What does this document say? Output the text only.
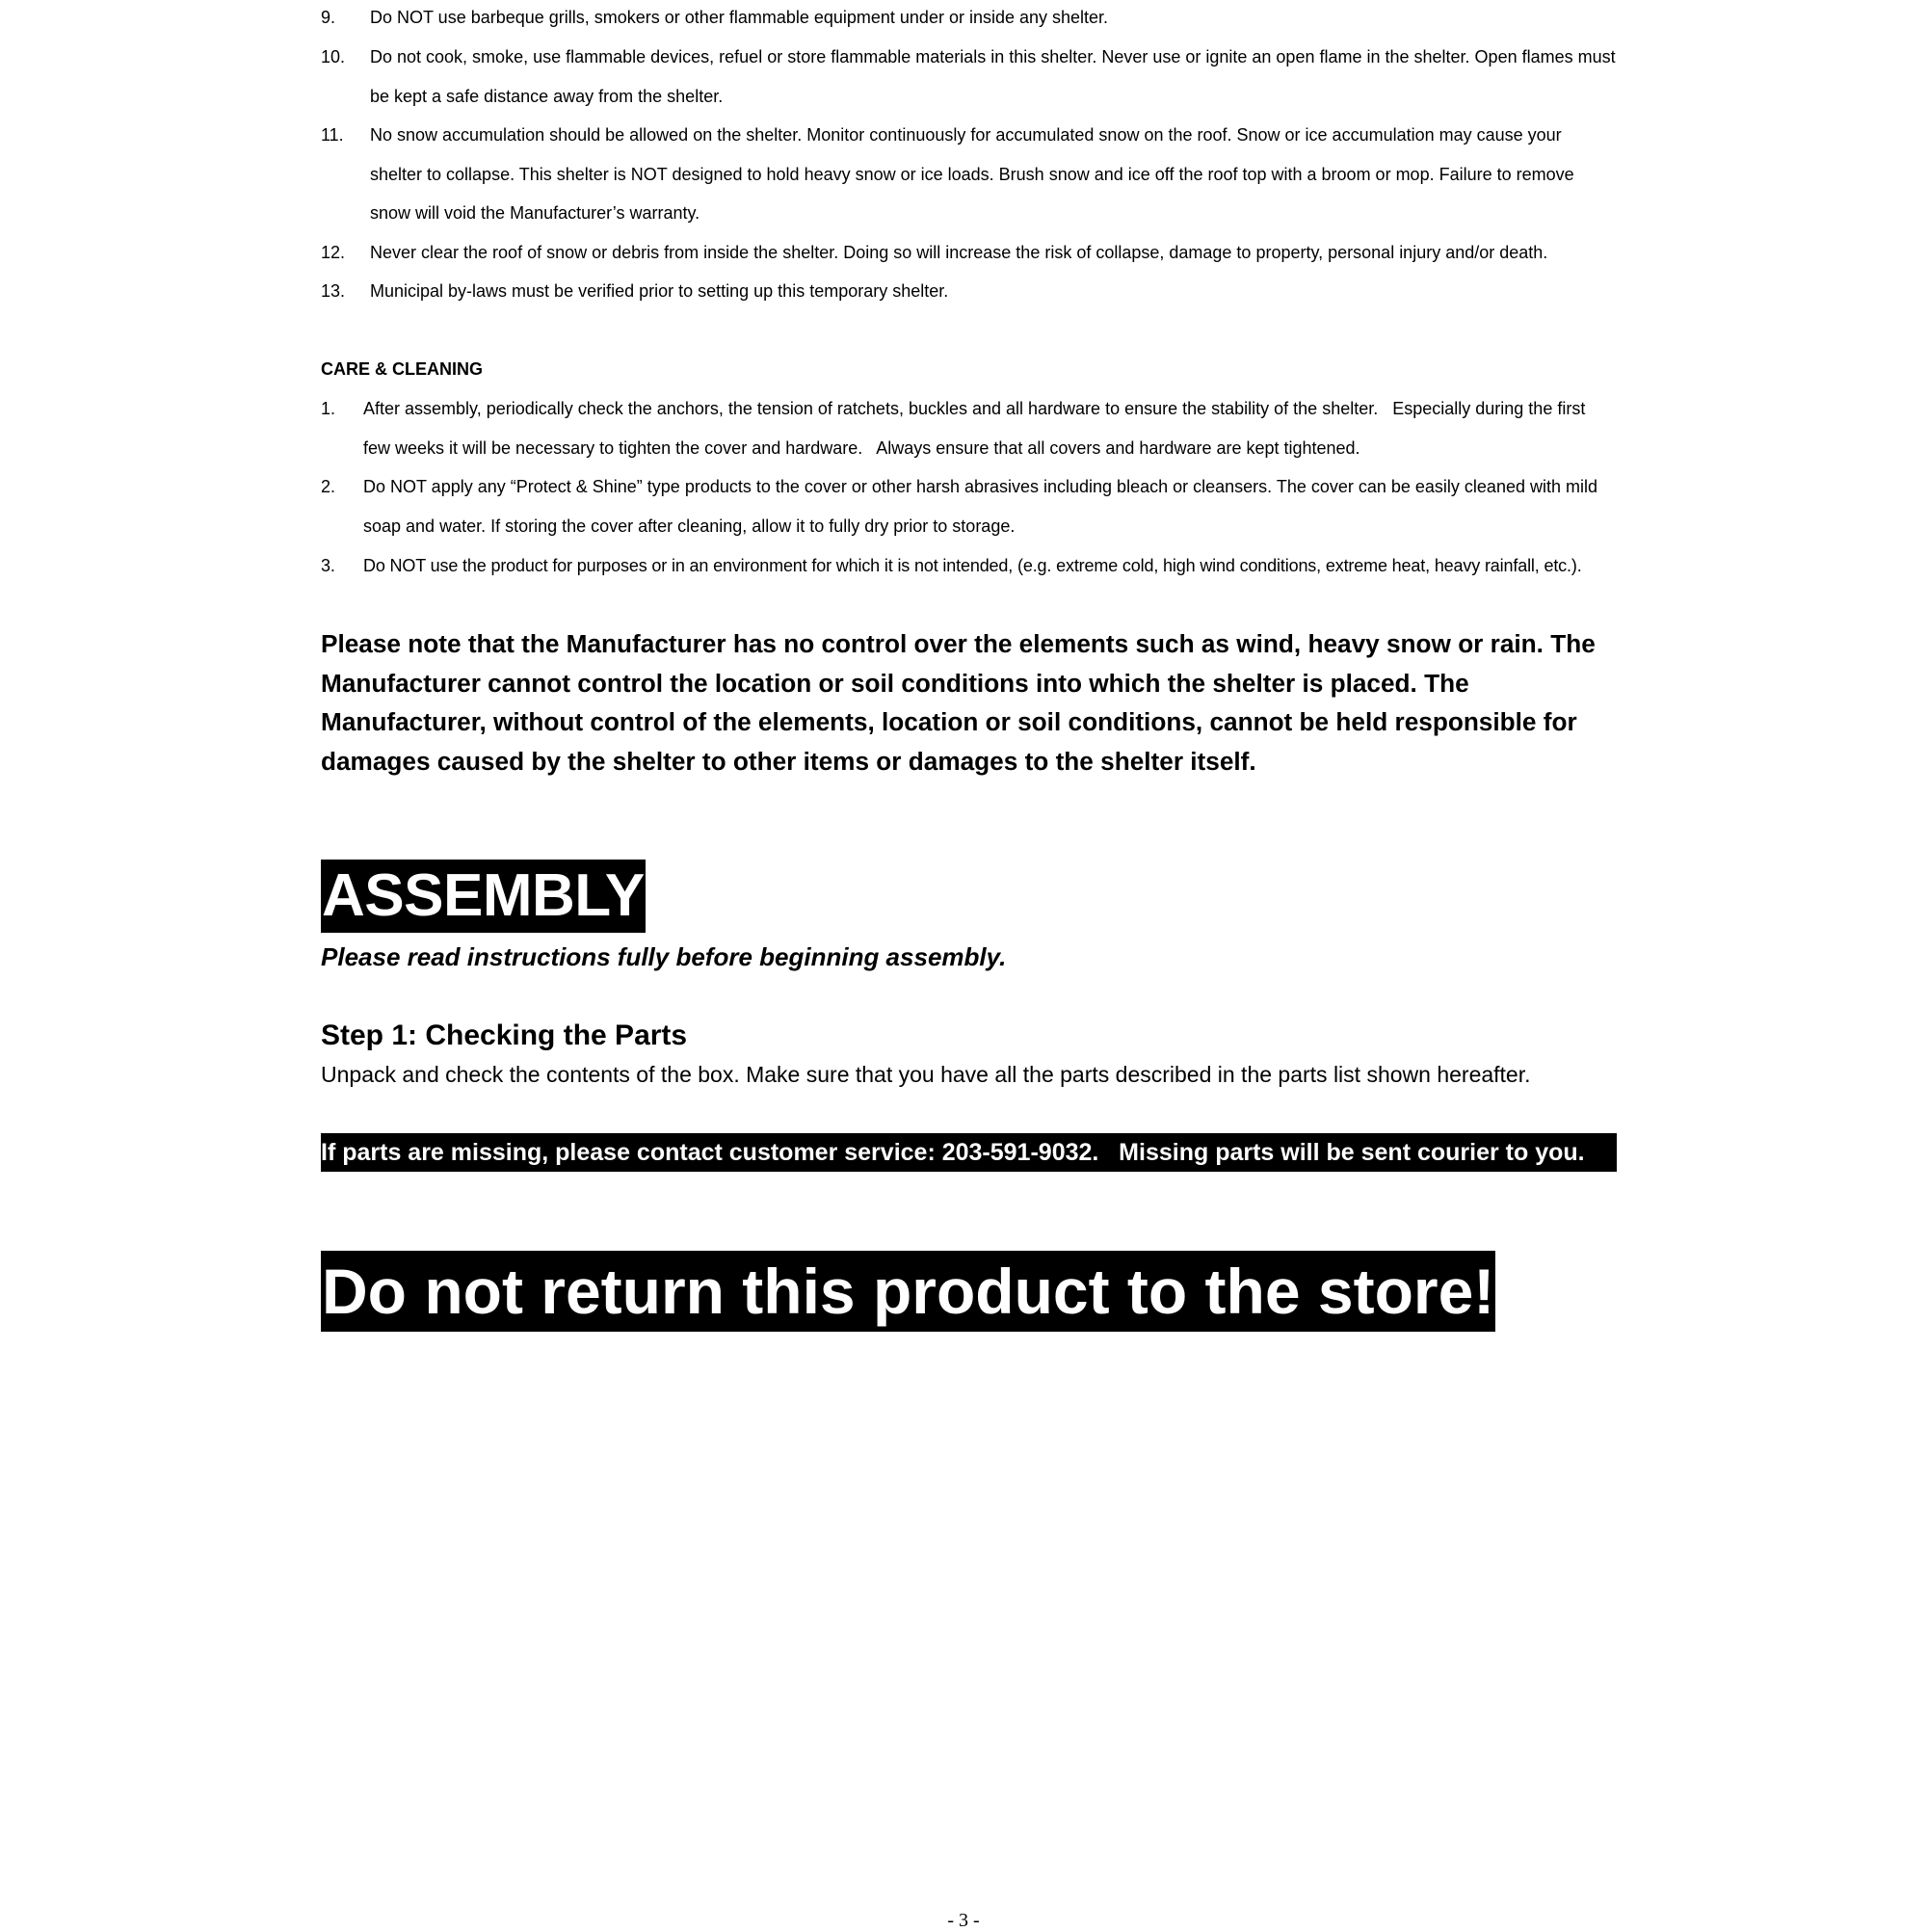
9. Do NOT use barbeque grills, smokers or other flammable equipment under or inside any shelter.
10. Do not cook, smoke, use flammable devices, refuel or store flammable materials in this shelter. Never use or ignite an open flame in the shelter. Open flames must be kept a safe distance away from the shelter.
11. No snow accumulation should be allowed on the shelter. Monitor continuously for accumulated snow on the roof. Snow or ice accumulation may cause your shelter to collapse. This shelter is NOT designed to hold heavy snow or ice loads. Brush snow and ice off the roof top with a broom or mop. Failure to remove snow will void the Manufacturer’s warranty.
12. Never clear the roof of snow or debris from inside the shelter. Doing so will increase the risk of collapse, damage to property, personal injury and/or death.
13. Municipal by-laws must be verified prior to setting up this temporary shelter.
CARE & CLEANING
1. After assembly, periodically check the anchors, the tension of ratchets, buckles and all hardware to ensure the stability of the shelter.   Especially during the first few weeks it will be necessary to tighten the cover and hardware.   Always ensure that all covers and hardware are kept tightened.
2. Do NOT apply any “Protect & Shine” type products to the cover or other harsh abrasives including bleach or cleansers. The cover can be easily cleaned with mild soap and water. If storing the cover after cleaning, allow it to fully dry prior to storage.
3. Do NOT use the product for purposes or in an environment for which it is not intended, (e.g. extreme cold, high wind conditions, extreme heat, heavy rainfall, etc.).
Please note that the Manufacturer has no control over the elements such as wind, heavy snow or rain. The Manufacturer cannot control the location or soil conditions into which the shelter is placed. The Manufacturer, without control of the elements, location or soil conditions, cannot be held responsible for damages caused by the shelter to other items or damages to the shelter itself.
ASSEMBLY
Please read instructions fully before beginning assembly.
Step 1: Checking the Parts
Unpack and check the contents of the box. Make sure that you have all the parts described in the parts list shown hereafter.
If parts are missing, please contact customer service: 203-591-9032.   Missing parts will be sent courier to you.
Do not return this product to the store!
- 3 -
